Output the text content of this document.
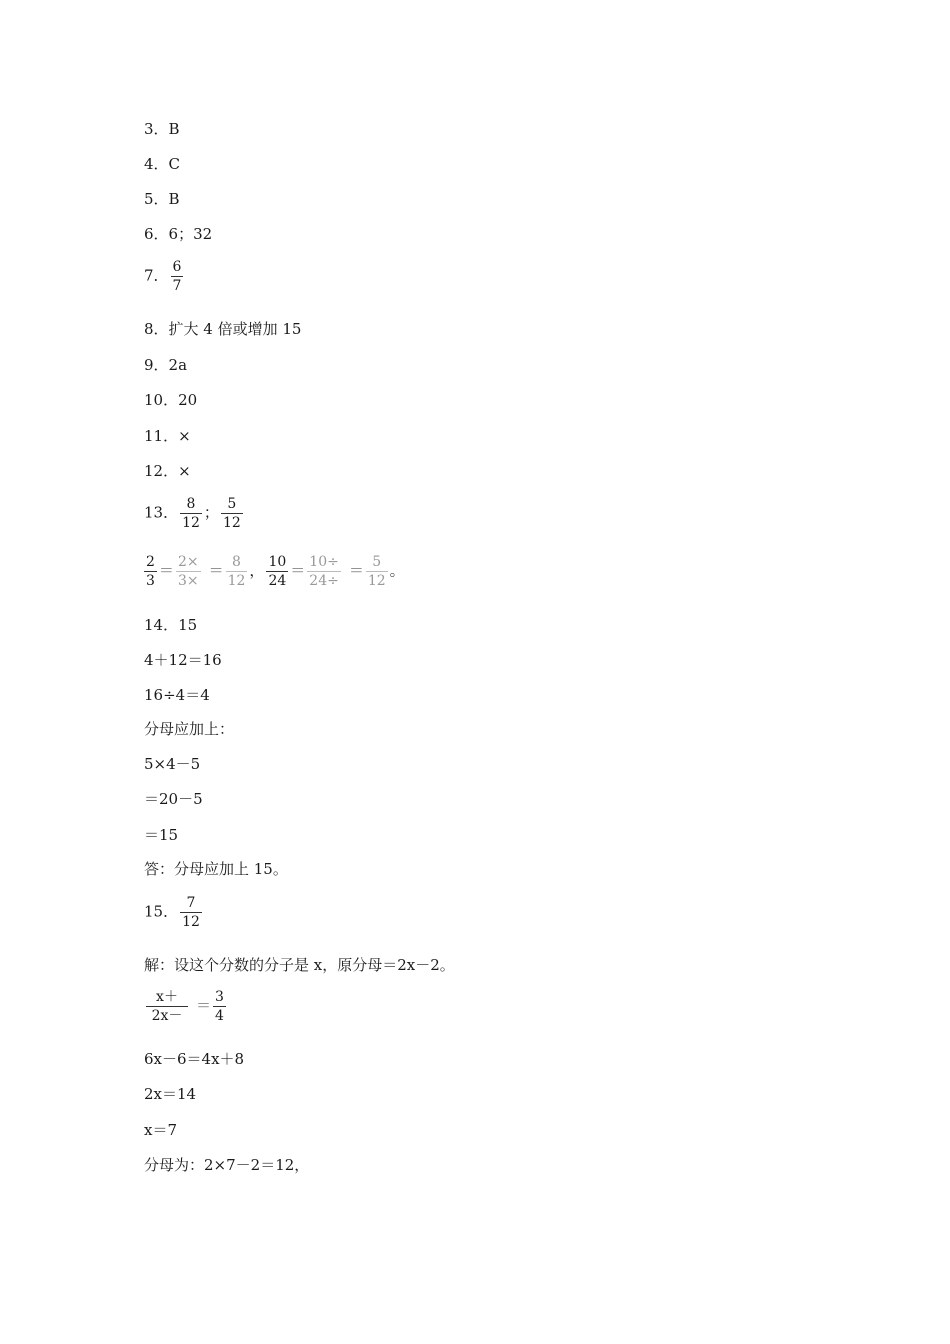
3．B
4．C
5．B
6．6；32
7． $\frac{6}{7}$
8．扩大 4 倍或增加 15
9．2a
10．20
11．×
12．×
13． $\frac{8}{12}$ ； $\frac{5}{12}$
$\frac{2}{3} = \frac{2\times}{3\times} = \frac{8}{12}$ ， $\frac{10}{24} = \frac{10\div}{24\div} = \frac{5}{12}$ 。
14．15
4＋12＝16
16÷4＝4
分母应加上：
5×4－5
＝20－5
＝15
答：分母应加上 15。
15． $\frac{7}{12}$
解：设这个分数的分子是 x，原分母＝2x－2。
$\frac{x+}{2x-} = \frac{3}{4}$
6x－6＝4x＋8
2x＝14
x＝7
分母为：2×7－2＝12，
